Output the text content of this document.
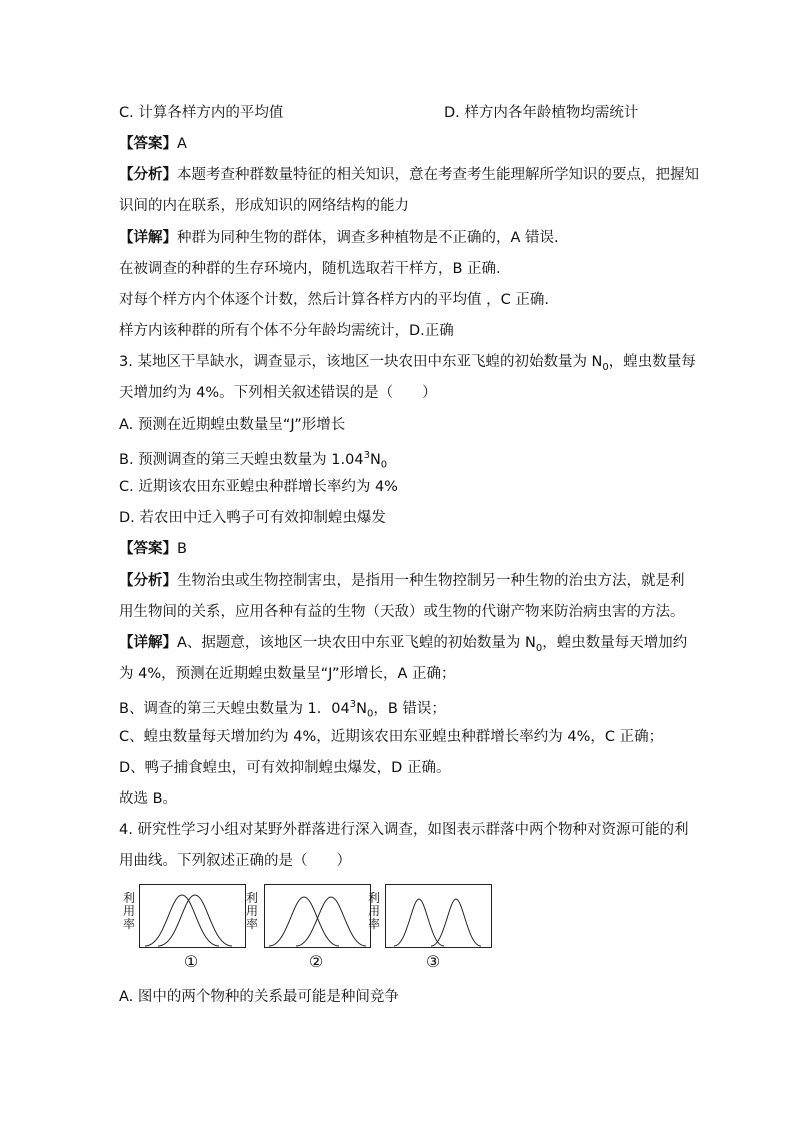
C. 计算各样方内的平均值	D. 样方内各年龄植物均需统计
【答案】A
【分析】本题考查种群数量特征的相关知识，意在考查考生能理解所学知识的要点，把握知
识间的内在联系，形成知识的网络结构的能力
【详解】种群为同种生物的群体，调查多种植物是不正确的，A 错误.
在被调查的种群的生存环境内，随机选取若干样方，B 正确.
对每个样方内个体逐个计数，然后计算各样方内的平均值 ，C 正确.
样方内该种群的所有个体不分年龄均需统计，D.正确
3. 某地区干旱缺水，调查显示，该地区一块农田中东亚飞蝗的初始数量为 $N_0$，蝗虫数量每
天增加约为 4%。下列相关叙述错误的是（　　）
A. 预测在近期蝗虫数量呈“J”形增长
B. 预测调查的第三天蝗虫数量为 $1.04^3N_0$
C. 近期该农田东亚蝗虫种群增长率约为 4%
D. 若农田中迁入鸭子可有效抑制蝗虫爆发
【答案】B
【分析】生物治虫或生物控制害虫，是指用一种生物控制另一种生物的治虫方法，就是利
用生物间的关系，应用各种有益的生物（天敌）或生物的代谢产物来防治病虫害的方法。
【详解】A、据题意，该地区一块农田中东亚飞蝗的初始数量为 $N_0$，蝗虫数量每天增加约
为 4%，预测在近期蝗虫数量呈“J”形增长，A 正确；
B、调查的第三天蝗虫数量为 1．$04^3N_0$，B 错误；
C、蝗虫数量每天增加约为 4%，近期该农田东亚蝗虫种群增长率约为 4%，C 正确；
D、鸭子捕食蝗虫，可有效抑制蝗虫爆发，D 正确。
故选 B。
4. 研究性学习小组对某野外群落进行深入调查，如图表示群落中两个物种对资源可能的利
用曲线。下列叙述正确的是（　　）
利用率
①
利用率
②
利用率
③
A. 图中的两个物种的关系最可能是种间竞争
